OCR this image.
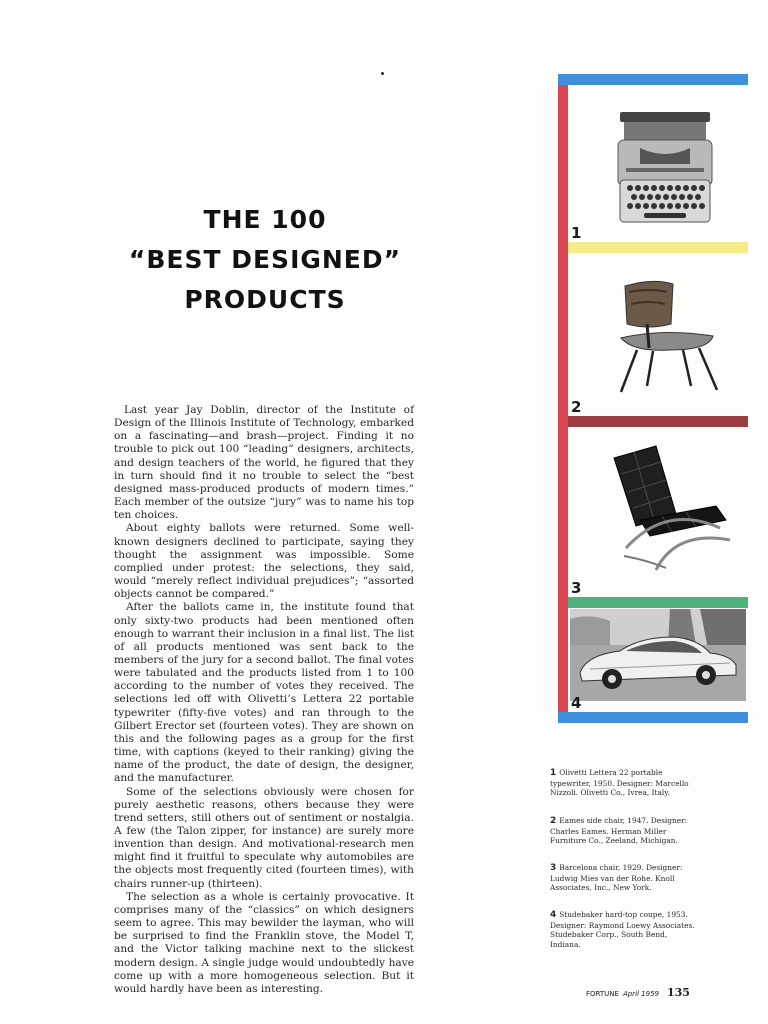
THE 100
“BEST DESIGNED”
PRODUCTS

Last year Jay Doblin, director of the Institute of Design of the Illinois Institute of Technology, embarked on a fascinating—and brash—project. Finding it no trouble to pick out 100 “leading” designers, architects, and design teachers of the world, he figured that they in turn should find it no trouble to select the “best designed mass-produced products of modern times.” Each member of the outsize “jury” was to name his top ten choices.

About eighty ballots were returned. Some well-known designers declined to participate, saying they thought the assignment was impossible. Some complied under protest: the selections, they said, would “merely reflect individual prejudices”; “assorted objects cannot be compared.”

After the ballots came in, the institute found that only sixty-two products had been mentioned often enough to warrant their inclusion in a final list. The list of all products mentioned was sent back to the members of the jury for a second ballot. The final votes were tabulated and the products listed from 1 to 100 according to the number of votes they received. The selections led off with Olivetti’s Lettera 22 portable typewriter (fifty-five votes) and ran through to the Gilbert Erector set (fourteen votes). They are shown on this and the following pages as a group for the first time, with captions (keyed to their ranking) giving the name of the product, the date of design, the designer, and the manufacturer.

Some of the selections obviously were chosen for purely aesthetic reasons, others because they were trend setters, still others out of sentiment or nostalgia. A few (the Talon zipper, for instance) are surely more invention than design. And motivational-research men might find it fruitful to speculate why automobiles are the objects most frequently cited (fourteen times), with chairs runner-up (thirteen).

The selection as a whole is certainly provocative. It comprises many of the “classics” on which designers seem to agree. This may bewilder the layman, who will be surprised to find the Franklin stove, the Model T, and the Victor talking machine next to the slickest modern design. A single judge would undoubtedly have come up with a more homogeneous selection. But it would hardly have been as interesting.

1
2
3
4
1 Olivetti Lettera 22 portable typewriter, 1950. Designer: Marcello Nizzoli. Olivetti Co., Ivrea, Italy.
2 Eames side chair, 1947. Designer: Charles Eames. Herman Miller Furniture Co., Zeeland, Michigan.
3 Barcelona chair, 1929. Designer: Ludwig Mies van der Rohe. Knoll Associates, Inc., New York.
4 Studebaker hard-top coupe, 1953. Designer: Raymond Loewy Associates. Studebaker Corp., South Bend, Indiana.
FORTUNE April 1959 135
